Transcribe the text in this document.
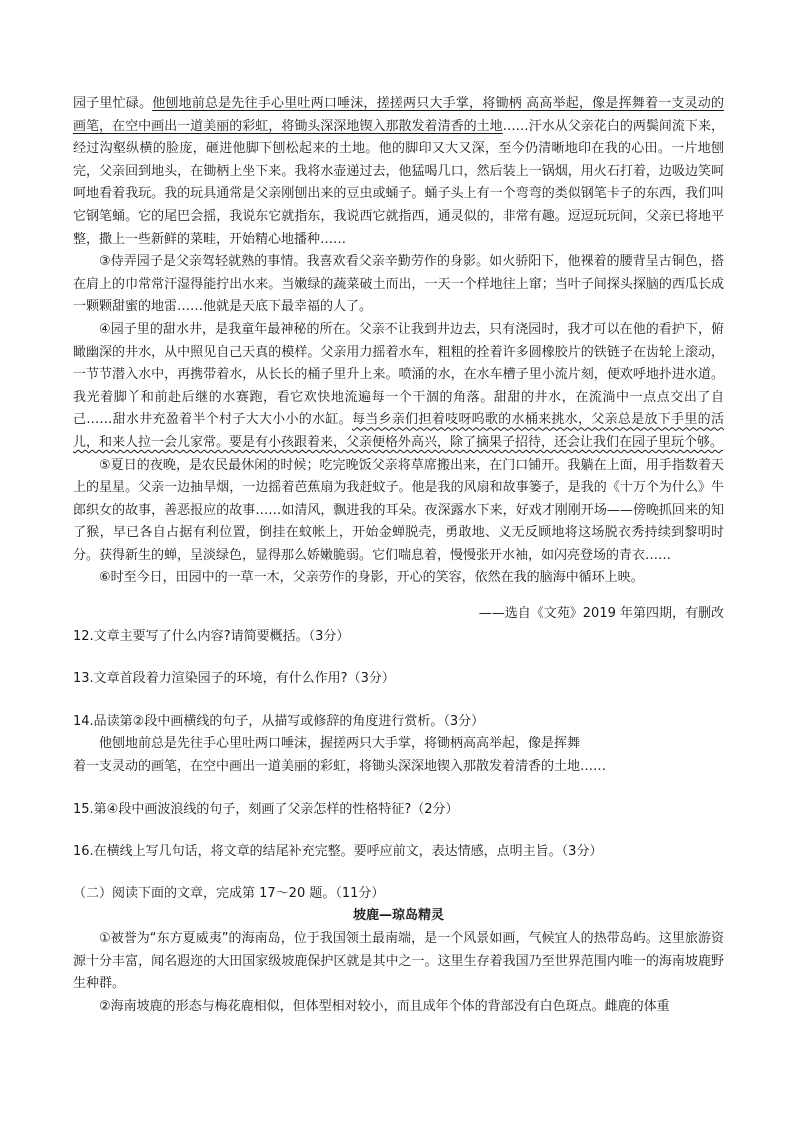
园子里忙碌。他刨地前总是先往手心里吐两口唾沫，搓搓两只大手掌，将锄柄 高高举起，像是挥舞着一支灵动的画笔，在空中画出一道美丽的彩虹，将锄头深深地锲入那散发着清香的土地……汗水从父亲花白的两鬓间流下来，经过沟壑纵横的脸庞，砸进他脚下刨松起来的土地。他的脚印又大又深，至今仍清晰地印在我的心田。一片地刨完，父亲回到地头，在锄柄上坐下来。我将水壶递过去，他猛喝几口，然后装上一锅烟，用火石打着，边吸边笑呵呵地看着我玩。我的玩具通常是父亲刚刨出来的豆虫或蛹子。蛹子头上有一个弯弯的类似钢笔卡子的东西，我们叫它钢笔蛹。它的尾巴会摇，我说东它就指东，我说西它就指西，通灵似的，非常有趣。逗逗玩玩间，父亲已将地平整，撒上一些新鲜的菜畦，开始精心地播种……

③侍弄园子是父亲驾轻就熟的事情。我喜欢看父亲辛勤劳作的身影。如火骄阳下，他裸着的腰背呈古铜色，搭在肩上的巾常常汗湿得能拧出水来。当嫩绿的蔬菜破土而出，一天一个样地往上窜；当叶子间探头探脑的西瓜长成一颗颗甜蜜的地雷……他就是天底下最幸福的人了。

④园子里的甜水井，是我童年最神秘的所在。父亲不让我到井边去，只有浇园时，我才可以在他的看护下，俯瞰幽深的井水，从中照见自己天真的模样。父亲用力摇着水车，粗粗的拴着许多圆橡胶片的铁链子在齿轮上滚动，一节节潜入水中，再携带着水，从长长的桶子里升上来。喷涌的水，在水车槽子里小流片刻，便欢呼地扑进水道。我光着脚丫和前赴后继的水赛跑，看它欢快地流遍每一个干涸的角落。甜甜的井水，在流淌中一点点交出了自己……甜水井充盈着半个村子大大小小的水缸。每当乡亲们担着吱呀呜歌的水桶来挑水，父亲总是放下手里的活儿，和来人拉一会儿家常。要是有小孩跟着来，父亲便格外高兴，除了摘果子招待，还会让我们在园子里玩个够。

⑤夏日的夜晚，是农民最休闲的时候；吃完晚饭父亲将草席搬出来，在门口铺开。我躺在上面，用手指数着天上的星星。父亲一边抽旱烟，一边摇着芭蕉扇为我赶蚊子。他是我的风扇和故事篓子，是我的《十万个为什么》牛郎织女的故事，善恶报应的故事……如清风，飘进我的耳朵。夜深露水下来，好戏才刚刚开场——傍晚抓回来的知了猴，早已各自占据有利位置，倒挂在蚊帐上，开始金蝉脱壳，勇敢地、义无反顾地将这场脱衣秀持续到黎明时分。获得新生的蝉，呈淡绿色，显得那么娇嫩脆弱。它们喘息着，慢慢张开水袖，如闪亮登场的青衣……

⑥时至今日，田园中的一草一木，父亲劳作的身影，开心的笑容，依然在我的脑海中循环上映。

——选自《文苑》2019 年第四期，有删改

12.文章主要写了什么内容?请简要概括。（3分）

13.文章首段着力渲染园子的环境，有什么作用?（3分）

14.品读第②段中画横线的句子，从描写或修辞的角度进行赏析。（3分）

他刨地前总是先往手心里吐两口唾沫，握搓两只大手掌，将锄柄高高举起，像是挥舞

着一支灵动的画笔，在空中画出一道美丽的彩虹，将锄头深深地锲入那散发着清香的土地……

15.第④段中画波浪线的句子，刻画了父亲怎样的性格特征?（2分）

16.在横线上写几句话，将文章的结尾补充完整。要呼应前文，表达情感，点明主旨。（3分）

（二）阅读下面的文章，完成第 17～20 题。（11分）

坡鹿—琼岛精灵

①被誉为“东方夏威夷”的海南岛，位于我国领土最南端，是一个风景如画，气候宜人的热带岛屿。这里旅游资源十分丰富，闻名遐迩的大田国家级坡鹿保护区就是其中之一。这里生存着我国乃至世界范围内唯一的海南坡鹿野生种群。

②海南坡鹿的形态与梅花鹿相似，但体型相对较小，而且成年个体的背部没有白色斑点。雌鹿的体重
